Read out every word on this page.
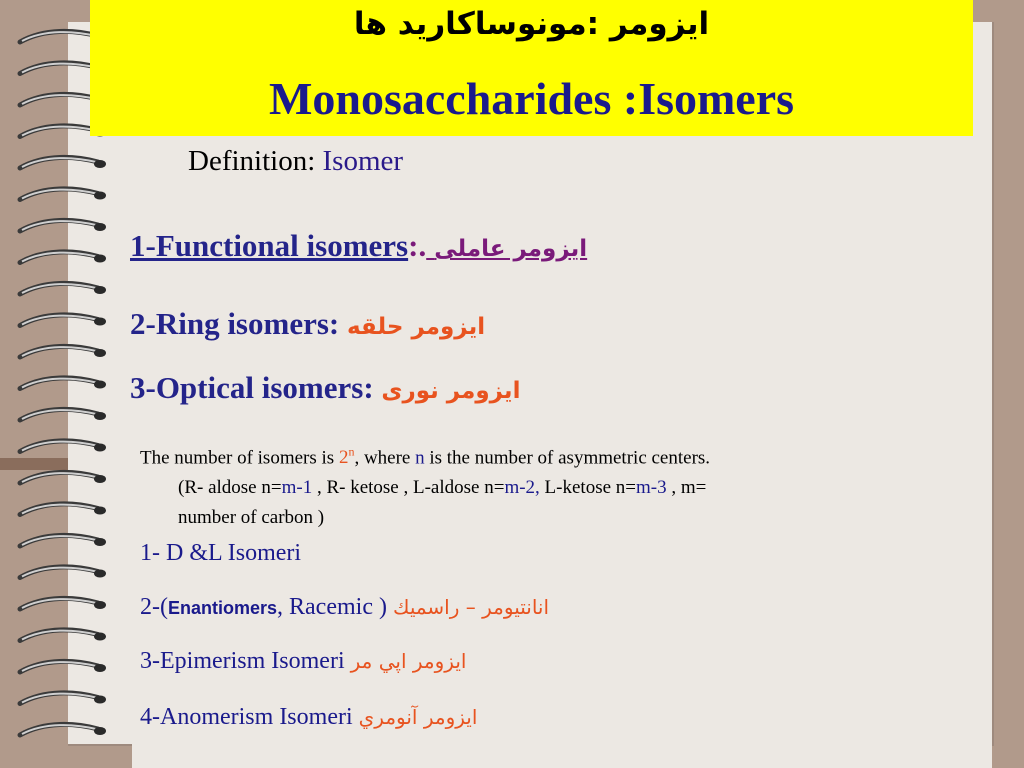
ایزومر :مونوساکارید ها
Monosaccharides :Isomers
Definition: Isomer
1-Functional isomers:. ایزومر عاملی
2-Ring isomers: ایزومر حلقه
3-Optical isomers: ایزومر نوری
The number of isomers is 2$^n$, where n is the number of asymmetric centers.
(R- aldose n=m-1 , R- ketose , L-aldose n=m-2, L-ketose n=m-3 , m=
number of carbon )
1- D &L Isomeri
2-(Enantiomers, Racemic ) انانتیومر – راسمیك
3-Epimerism Isomeri ایزومر اپي مر
4-Anomerism Isomeri ایزومر آنومري
